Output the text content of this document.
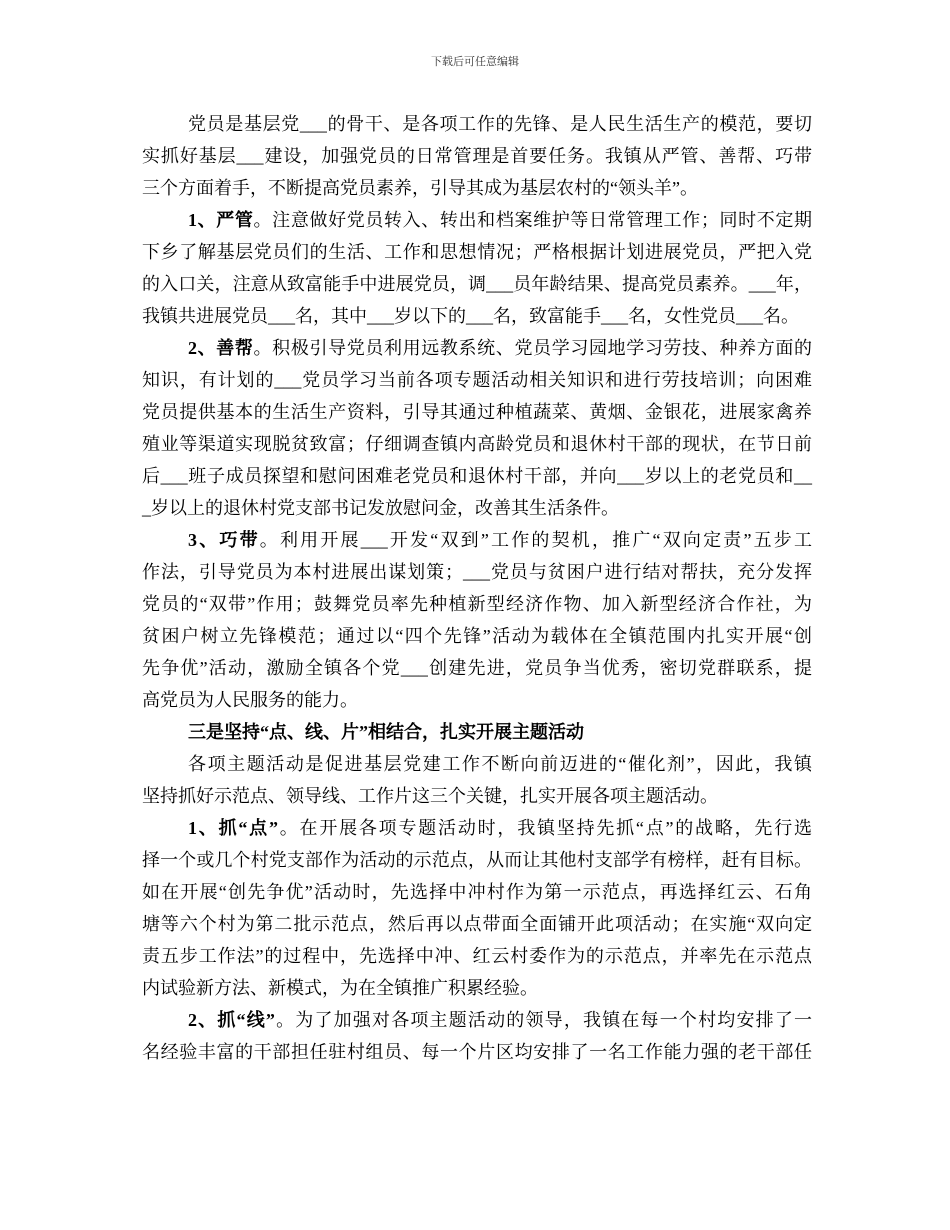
下载后可任意编辑
党员是基层党___的骨干、是各项工作的先锋、是人民生活生产的模范，要切
实抓好基层___建设，加强党员的日常管理是首要任务。我镇从严管、善帮、巧带
三个方面着手，不断提高党员素养，引导其成为基层农村的“领头羊”。
1、严管。注意做好党员转入、转出和档案维护等日常管理工作；同时不定期
下乡了解基层党员们的生活、工作和思想情况；严格根据计划进展党员，严把入党
的入口关，注意从致富能手中进展党员，调___员年龄结果、提高党员素养。___年，
我镇共进展党员___名，其中___岁以下的___名，致富能手___名，女性党员___名。
2、善帮。积极引导党员利用远教系统、党员学习园地学习劳技、种养方面的
知识，有计划的___党员学习当前各项专题活动相关知识和进行劳技培训；向困难
党员提供基本的生活生产资料，引导其通过种植蔬菜、黄烟、金银花，进展家禽养
殖业等渠道实现脱贫致富；仔细调查镇内高龄党员和退休村干部的现状，在节日前
后___班子成员探望和慰问困难老党员和退休村干部，并向___岁以上的老党员和__
_岁以上的退休村党支部书记发放慰问金，改善其生活条件。
3、巧带。利用开展___开发“双到”工作的契机，推广“双向定责”五步工
作法，引导党员为本村进展出谋划策；___党员与贫困户进行结对帮扶，充分发挥
党员的“双带”作用；鼓舞党员率先种植新型经济作物、加入新型经济合作社，为
贫困户树立先锋模范；通过以“四个先锋”活动为载体在全镇范围内扎实开展“创
先争优”活动，激励全镇各个党___创建先进，党员争当优秀，密切党群联系，提
高党员为人民服务的能力。
三是坚持“点、线、片”相结合，扎实开展主题活动
各项主题活动是促进基层党建工作不断向前迈进的“催化剂”，因此，我镇
坚持抓好示范点、领导线、工作片这三个关键，扎实开展各项主题活动。
1、抓“点”。在开展各项专题活动时，我镇坚持先抓“点”的战略，先行选
择一个或几个村党支部作为活动的示范点，从而让其他村支部学有榜样，赶有目标。
如在开展“创先争优”活动时，先选择中冲村作为第一示范点，再选择红云、石角
塘等六个村为第二批示范点，然后再以点带面全面铺开此项活动；在实施“双向定
责五步工作法”的过程中，先选择中冲、红云村委作为的示范点，并率先在示范点
内试验新方法、新模式，为在全镇推广积累经验。
2、抓“线”。为了加强对各项主题活动的领导，我镇在每一个村均安排了一
名经验丰富的干部担任驻村组员、每一个片区均安排了一名工作能力强的老干部任
